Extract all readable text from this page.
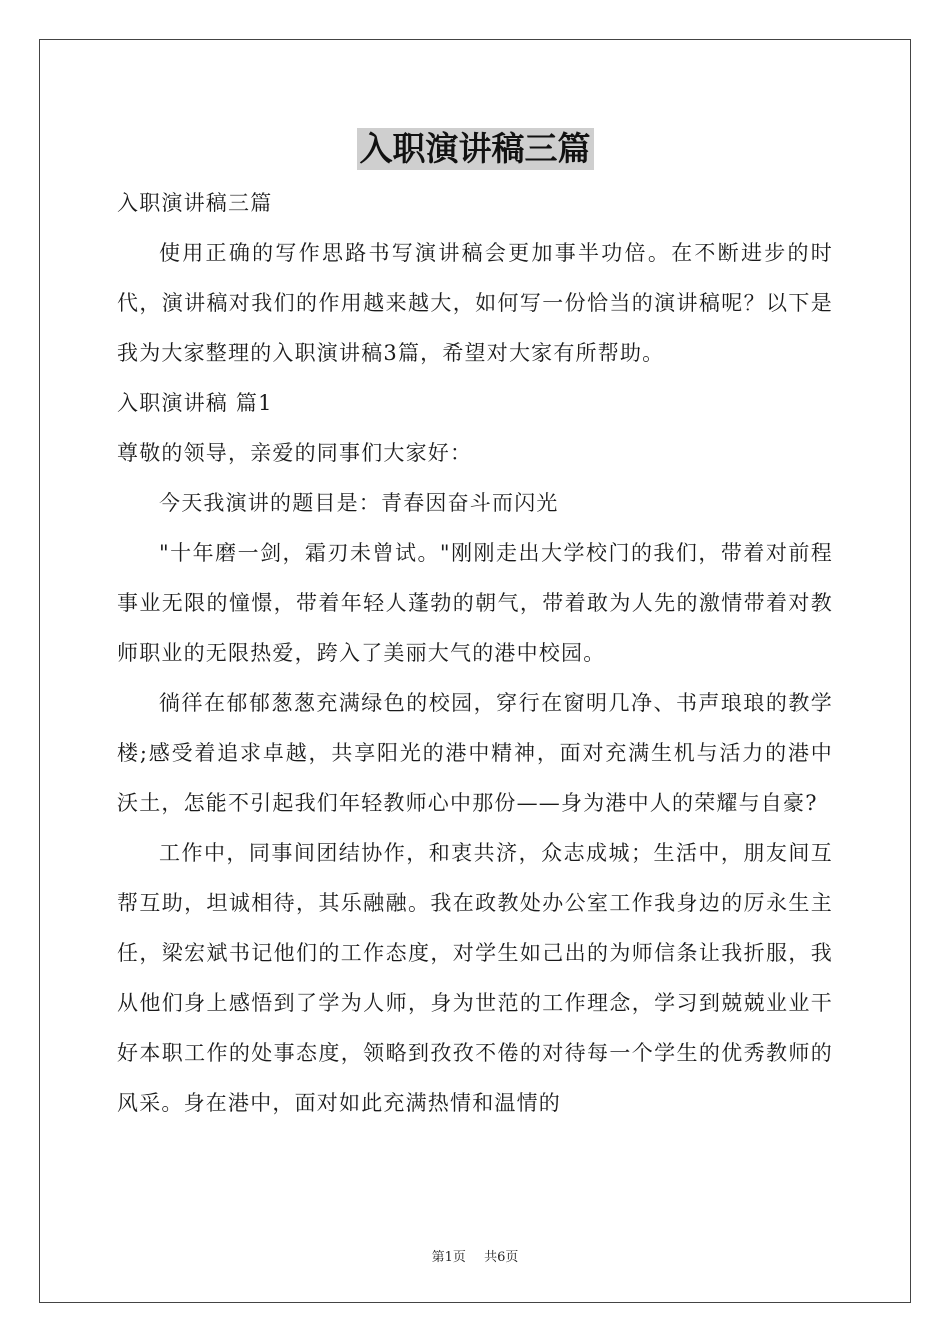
入职演讲稿三篇

入职演讲稿三篇

使用正确的写作思路书写演讲稿会更加事半功倍。在不断进步的时代，演讲稿对我们的作用越来越大，如何写一份恰当的演讲稿呢？以下是我为大家整理的入职演讲稿3篇，希望对大家有所帮助。

入职演讲稿 篇1

尊敬的领导，亲爱的同事们大家好：

今天我演讲的题目是：青春因奋斗而闪光

"十年磨一剑，霜刃未曾试。"刚刚走出大学校门的我们，带着对前程事业无限的憧憬，带着年轻人蓬勃的朝气，带着敢为人先的激情带着对教师职业的无限热爱，跨入了美丽大气的港中校园。

徜徉在郁郁葱葱充满绿色的校园，穿行在窗明几净、书声琅琅的教学楼;感受着追求卓越，共享阳光的港中精神，面对充满生机与活力的港中沃土，怎能不引起我们年轻教师心中那份——身为港中人的荣耀与自豪?

工作中，同事间团结协作，和衷共济，众志成城；生活中，朋友间互帮互助，坦诚相待，其乐融融。我在政教处办公室工作我身边的厉永生主任，梁宏斌书记他们的工作态度，对学生如己出的为师信条让我折服，我从他们身上感悟到了学为人师，身为世范的工作理念，学习到兢兢业业干好本职工作的处事态度，领略到孜孜不倦的对待每一个学生的优秀教师的风采。身在港中，面对如此充满热情和温情的

第1页 共6页
